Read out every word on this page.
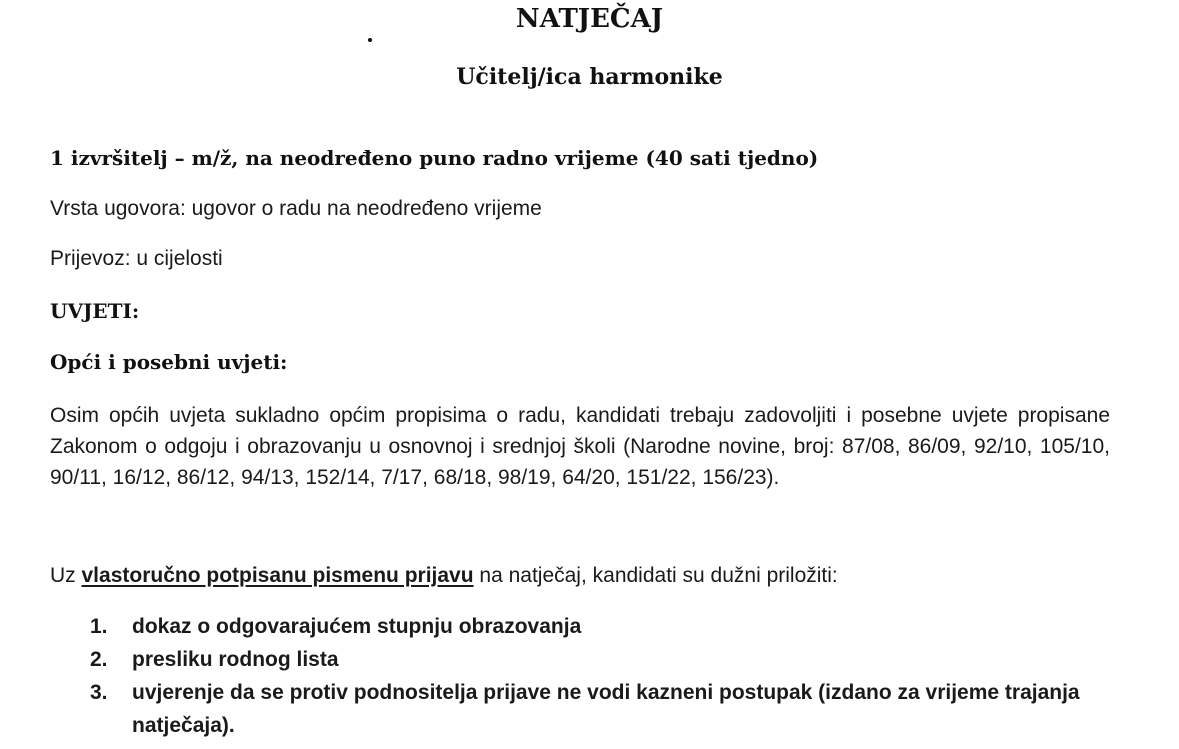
NATJEČAJ
Učitelj/ica harmonike
1 izvršitelj – m/ž, na neodređeno puno radno vrijeme (40 sati tjedno)
Vrsta ugovora: ugovor o radu na neodređeno vrijeme
Prijevoz: u cijelosti
UVJETI:
Opći i posebni uvjeti:
Osim općih uvjeta sukladno općim propisima o radu, kandidati trebaju zadovoljiti i posebne uvjete propisane Zakonom o odgoju i obrazovanju u osnovnoj i srednjoj školi (Narodne novine, broj: 87/08, 86/09, 92/10, 105/10, 90/11, 16/12, 86/12, 94/13, 152/14, 7/17, 68/18, 98/19, 64/20, 151/22, 156/23).
Uz vlastoručno potpisanu pismenu prijavu na natječaj, kandidati su dužni priložiti:
1.	dokaz o odgovarajućem stupnju obrazovanja
2.	presliku rodnog lista
3.	uvjerenje da se protiv podnositelja prijave ne vodi kazneni postupak (izdano za vrijeme trajanja natječaja).
